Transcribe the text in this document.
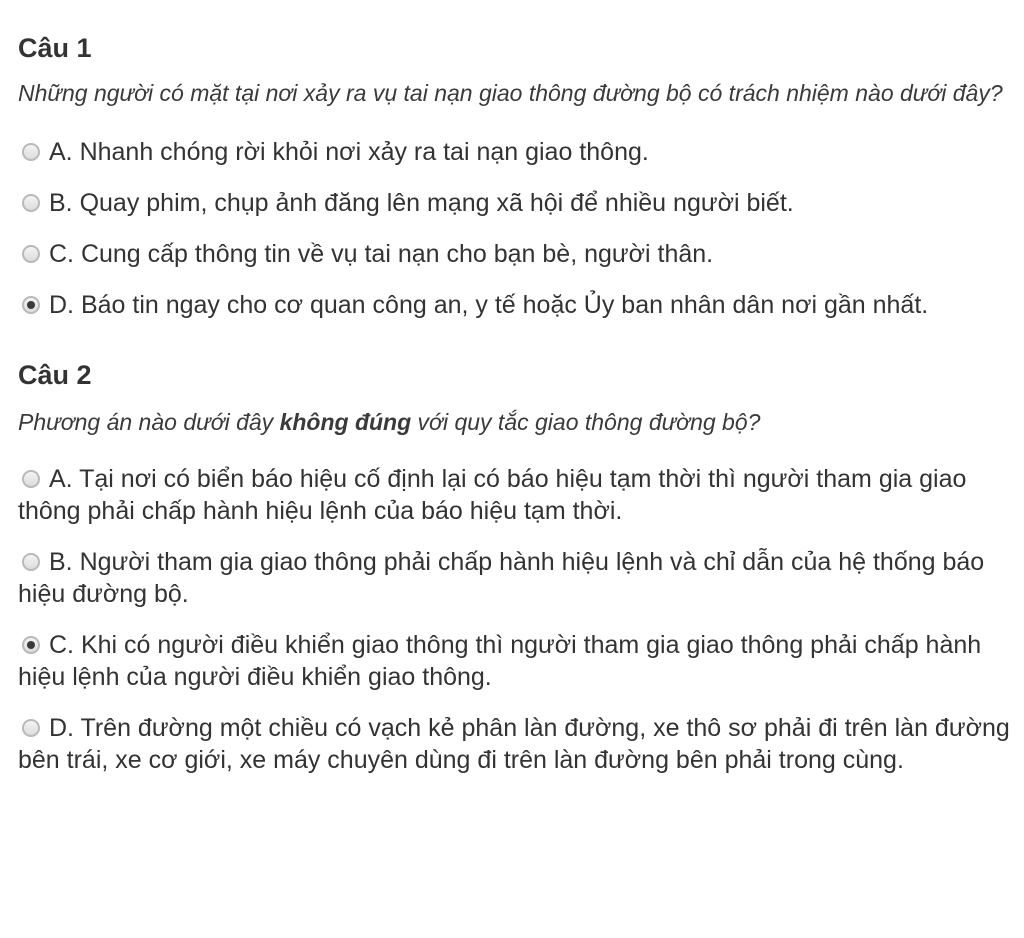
Câu 1
Những người có mặt tại nơi xảy ra vụ tai nạn giao thông đường bộ có trách nhiệm nào dưới đây?
A. Nhanh chóng rời khỏi nơi xảy ra tai nạn giao thông.
B. Quay phim, chụp ảnh đăng lên mạng xã hội để nhiều người biết.
C. Cung cấp thông tin về vụ tai nạn cho bạn bè, người thân.
D. Báo tin ngay cho cơ quan công an, y tế hoặc Ủy ban nhân dân nơi gần nhất.
Câu 2
Phương án nào dưới đây không đúng với quy tắc giao thông đường bộ?
A. Tại nơi có biển báo hiệu cố định lại có báo hiệu tạm thời thì người tham gia giao thông phải chấp hành hiệu lệnh của báo hiệu tạm thời.
B. Người tham gia giao thông phải chấp hành hiệu lệnh và chỉ dẫn của hệ thống báo hiệu đường bộ.
C. Khi có người điều khiển giao thông thì người tham gia giao thông phải chấp hành hiệu lệnh của người điều khiển giao thông.
D. Trên đường một chiều có vạch kẻ phân làn đường, xe thô sơ phải đi trên làn đường bên trái, xe cơ giới, xe máy chuyên dùng đi trên làn đường bên phải trong cùng.
